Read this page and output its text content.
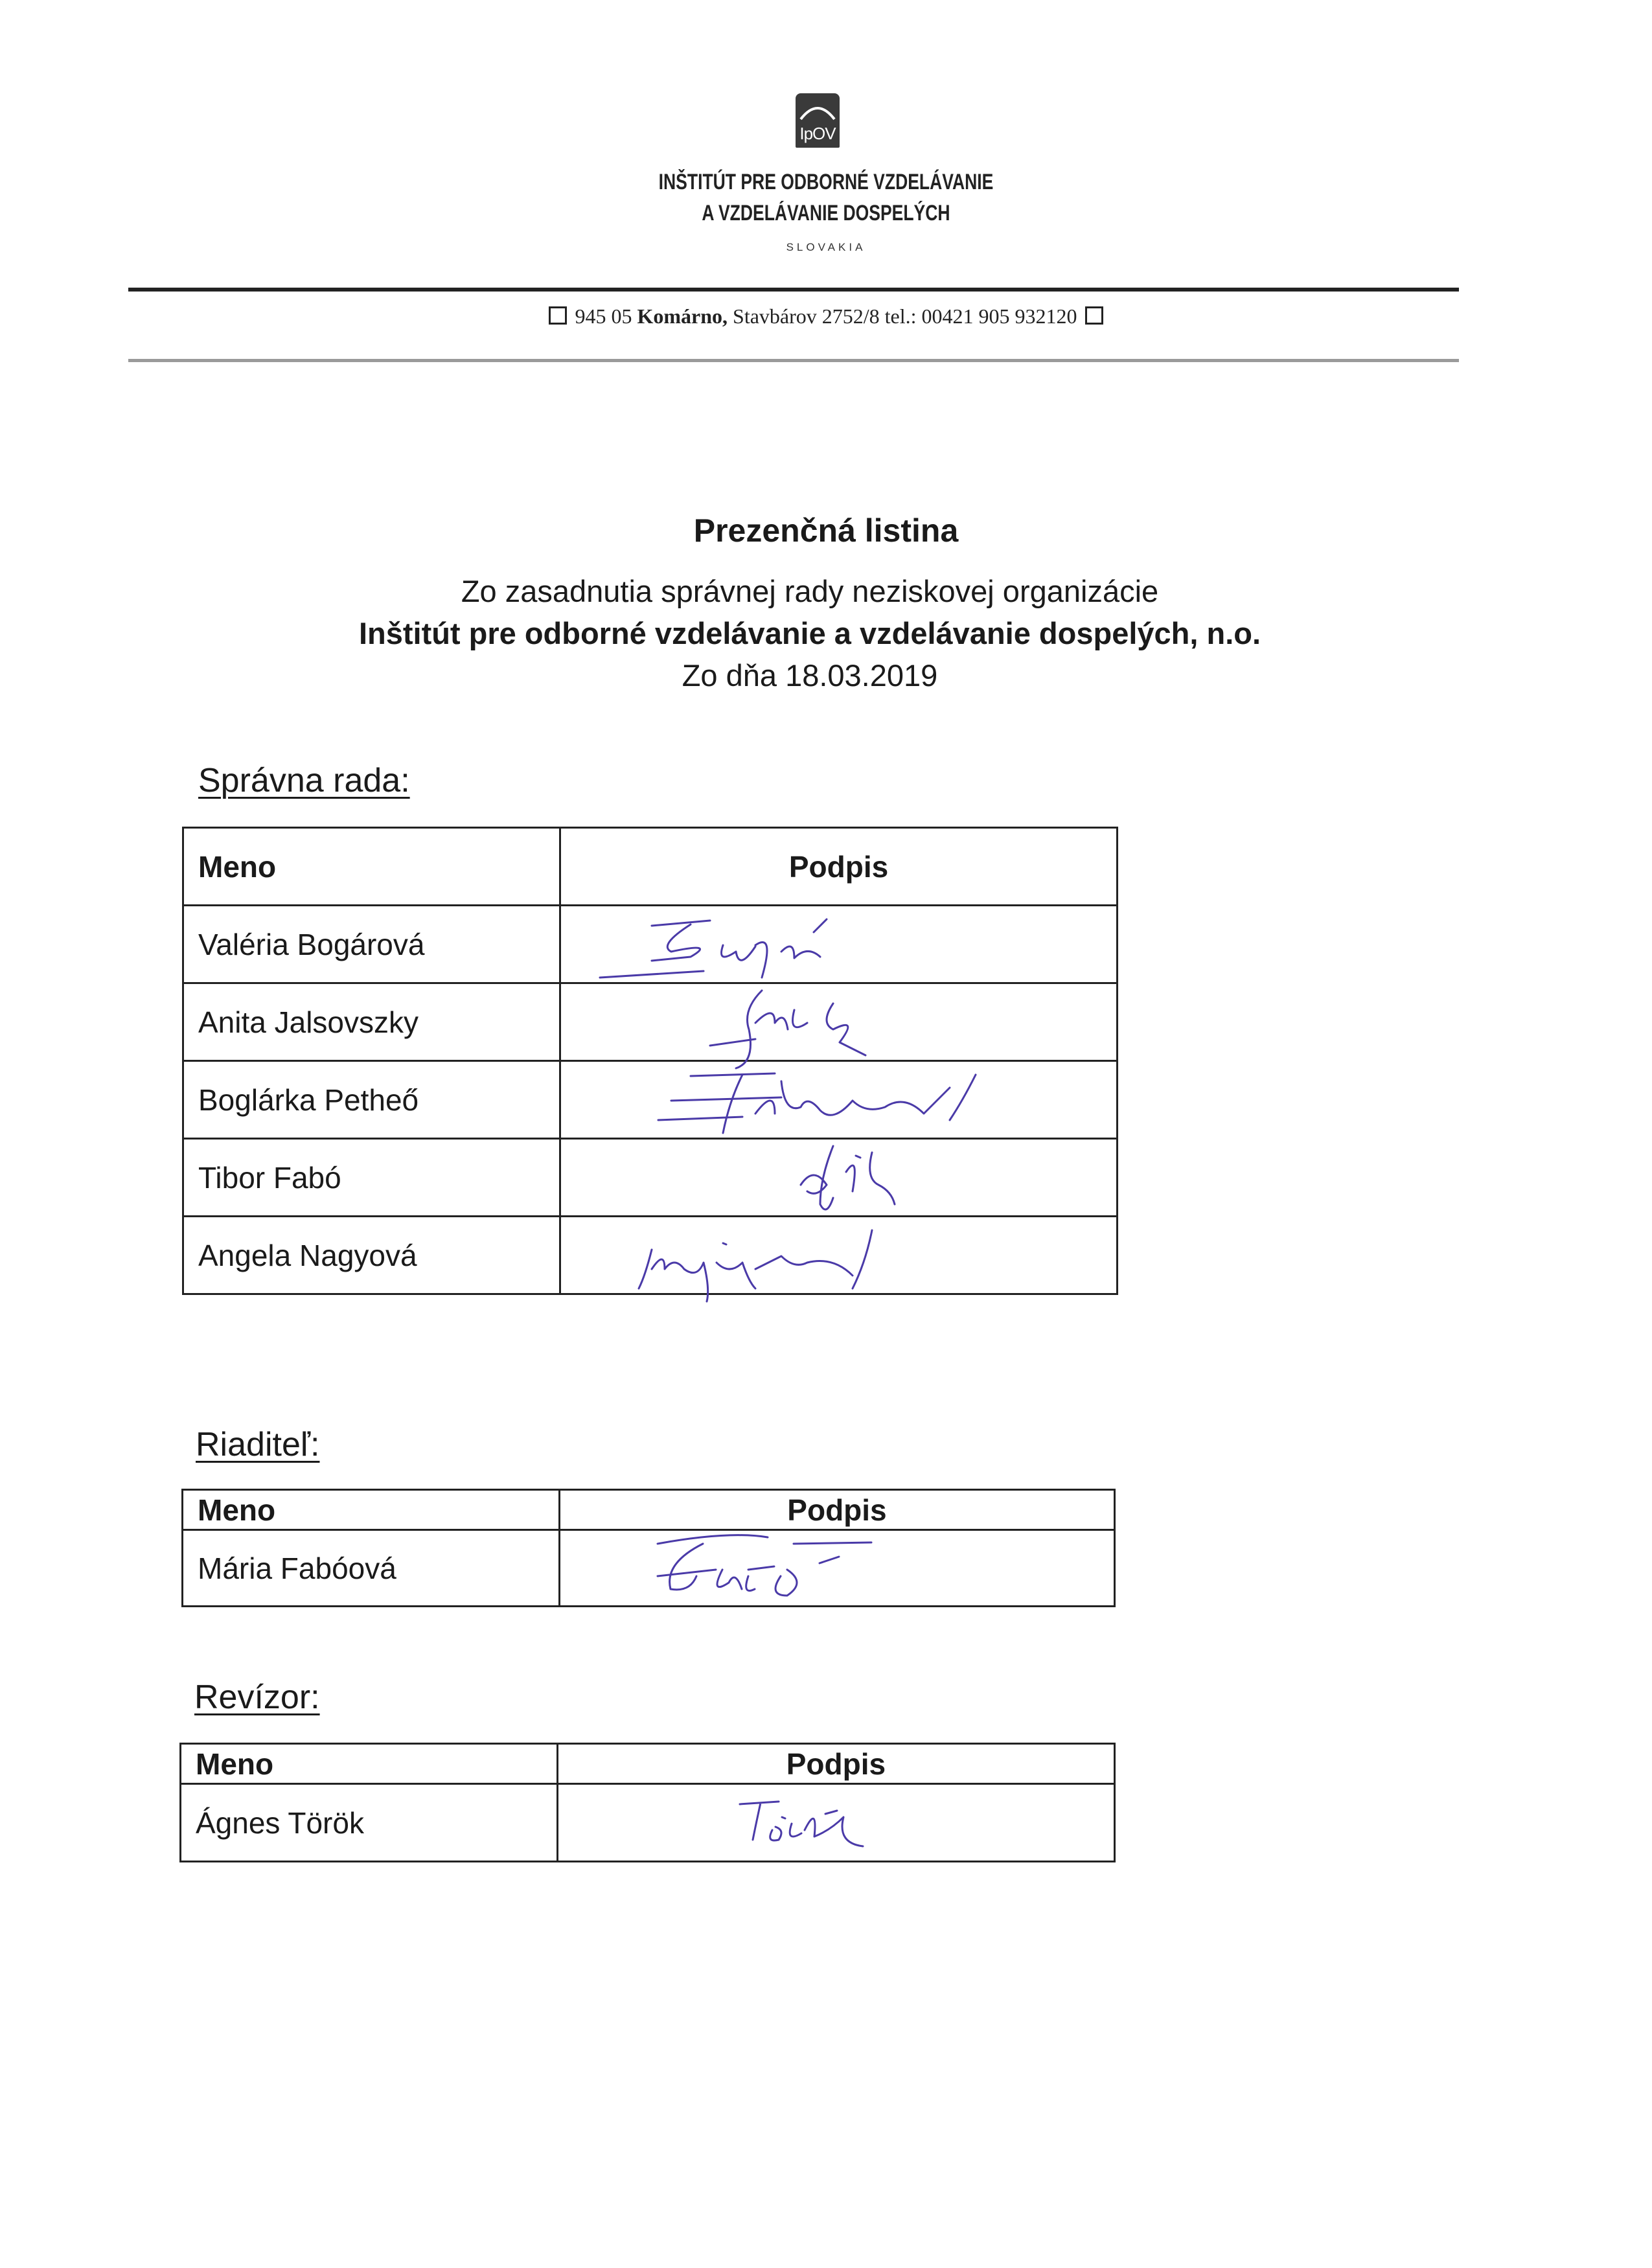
IpOV
INŠTITÚT PRE ODBORNÉ VZDELÁVANIE
A VZDELÁVANIE DOSPELÝCH
SLOVAKIA
945 05 Komárno, Stavbárov 2752/8 tel.: 00421 905 932120
Prezenčná listina
Zo zasadnutia správnej rady neziskovej organizácie
Inštitút pre odborné vzdelávanie a vzdelávanie dospelých, n.o.
Zo dňa 18.03.2019
Správna rada:
Meno	Podpis
Valéria Bogárová	

Anita Jalsovszky	

Boglárka Petheő	

Tibor Fabó	

Angela Nagyová	
Riaditeľ:
Meno	Podpis
Mária Fabóová	
Revízor:
Meno	Podpis
Ágnes Török	
